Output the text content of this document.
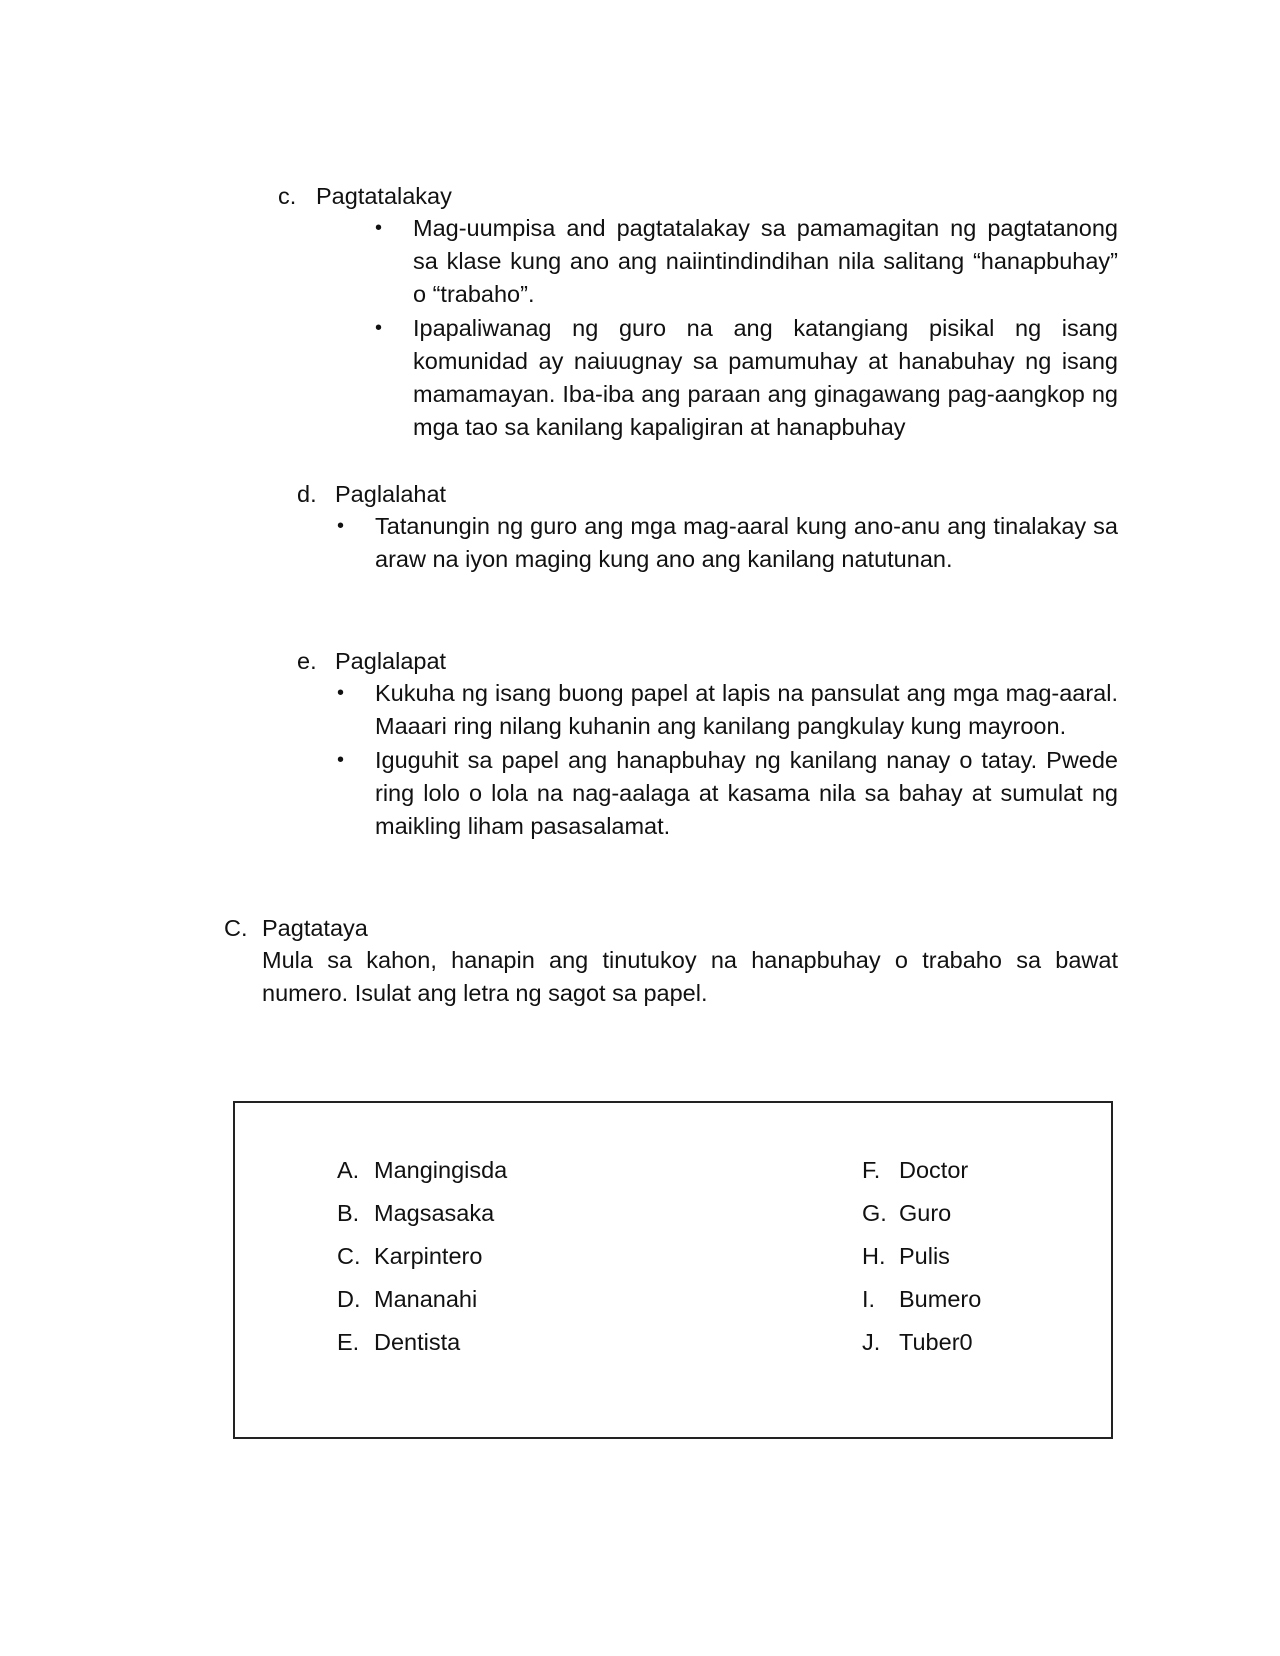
c. Pagtatalakay
• Mag-uumpisa and pagtatalakay sa pamamagitan ng pagtatanong sa klase kung ano ang naiintindindihan nila salitang “hanapbuhay” o “trabaho”.
• Ipapaliwanag ng guro na ang katangiang pisikal ng isang komunidad ay naiuugnay sa pamumuhay at hanabuhay ng isang mamamayan. Iba-iba ang paraan ang ginagawang pag-aangkop ng mga tao sa kanilang kapaligiran at hanapbuhay
d. Paglalahat
• Tatanungin ng guro ang mga mag-aaral kung ano-anu ang tinalakay sa araw na iyon maging kung ano ang kanilang natutunan.
e. Paglalapat
• Kukuha ng isang buong papel at lapis na pansulat ang mga mag-aaral. Maaari ring nilang kuhanin ang kanilang pangkulay kung mayroon.
• Iguguhit sa papel ang hanapbuhay ng kanilang nanay o tatay. Pwede ring lolo o lola na nag-aalaga at kasama nila sa bahay at sumulat ng maikling liham pasasalamat.
C. Pagtataya
Mula sa kahon, hanapin ang tinutukoy na hanapbuhay o trabaho sa bawat numero. Isulat ang letra ng sagot sa papel.
A. Mangingisda
B. Magsasaka
C. Karpintero
D. Mananahi
E. Dentista
F. Doctor
G. Guro
H. Pulis
I. Bumero
J. Tuber0
